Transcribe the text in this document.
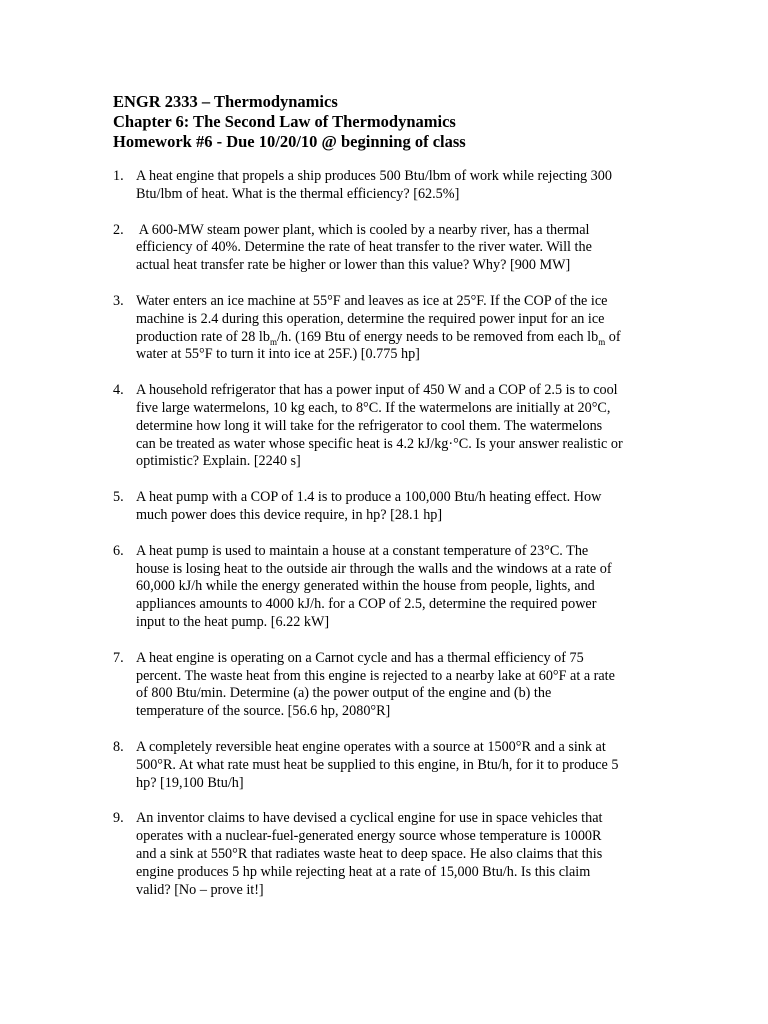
ENGR 2333 – Thermodynamics
Chapter 6: The Second Law of Thermodynamics
Homework #6 - Due 10/20/10 @ beginning of class
1. A heat engine that propels a ship produces 500 Btu/lbm of work while rejecting 300
Btu/lbm of heat. What is the thermal efficiency? [62.5%]
2. A 600-MW steam power plant, which is cooled by a nearby river, has a thermal
efficiency of 40%. Determine the rate of heat transfer to the river water. Will the
actual heat transfer rate be higher or lower than this value? Why? [900 MW]
3. Water enters an ice machine at 55°F and leaves as ice at 25°F. If the COP of the ice
machine is 2.4 during this operation, determine the required power input for an ice
production rate of 28 $lb_m/h$. (169 Btu of energy needs to be removed from each $lb_m$ of
water at 55°F to turn it into ice at 25F.) [0.775 hp]
4. A household refrigerator that has a power input of 450 W and a COP of 2.5 is to cool
five large watermelons, 10 kg each, to 8°C. If the watermelons are initially at 20°C,
determine how long it will take for the refrigerator to cool them. The watermelons
can be treated as water whose specific heat is 4.2 kJ/kg·°C. Is your answer realistic or
optimistic? Explain. [2240 s]
5. A heat pump with a COP of 1.4 is to produce a 100,000 Btu/h heating effect. How
much power does this device require, in hp? [28.1 hp]
6. A heat pump is used to maintain a house at a constant temperature of 23°C. The
house is losing heat to the outside air through the walls and the windows at a rate of
60,000 kJ/h while the energy generated within the house from people, lights, and
appliances amounts to 4000 kJ/h. for a COP of 2.5, determine the required power
input to the heat pump. [6.22 kW]
7. A heat engine is operating on a Carnot cycle and has a thermal efficiency of 75
percent. The waste heat from this engine is rejected to a nearby lake at 60°F at a rate
of 800 Btu/min. Determine (a) the power output of the engine and (b) the
temperature of the source. [56.6 hp, 2080°R]
8. A completely reversible heat engine operates with a source at 1500°R and a sink at
500°R. At what rate must heat be supplied to this engine, in Btu/h, for it to produce 5
hp? [19,100 Btu/h]
9. An inventor claims to have devised a cyclical engine for use in space vehicles that
operates with a nuclear-fuel-generated energy source whose temperature is 1000R
and a sink at 550°R that radiates waste heat to deep space. He also claims that this
engine produces 5 hp while rejecting heat at a rate of 15,000 Btu/h. Is this claim
valid? [No – prove it!]
